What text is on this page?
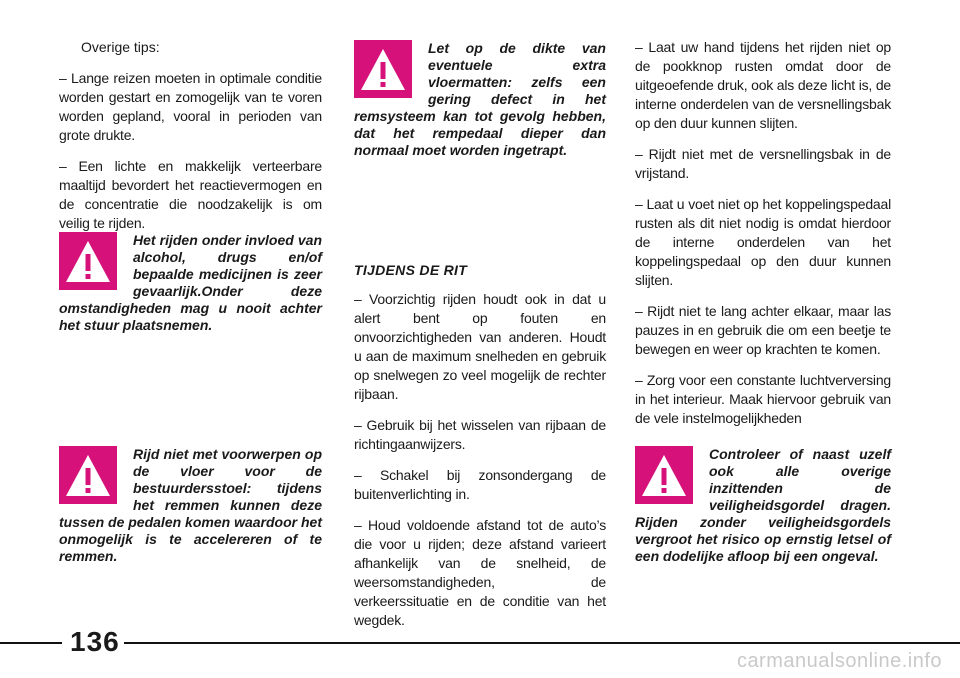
Overige tips:

– Lange reizen moeten in optimale conditie worden gestart en zomogelijk van te voren worden gepland, vooral in perioden van grote drukte.

– Een lichte en makkelijk verteerbare maaltijd bevordert het reactievermogen en de concentratie die noodzakelijk is om veilig te rijden.

Het rijden onder invloed van alcohol, drugs en/of bepaalde medicijnen is zeer gevaarlijk.Onder deze omstandigheden mag u nooit achter het stuur plaatsnemen.

Rijd niet met voorwerpen op de vloer voor de bestuurdersstoel: tijdens het remmen kunnen deze tussen de pedalen komen waardoor het onmogelijk is te accelereren of te remmen.

Let op de dikte van eventuele extra vloermatten: zelfs een gering defect in het remsysteem kan tot gevolg hebben, dat het rempedaal dieper dan normaal moet worden ingetrapt.

TIJDENS DE RIT

– Voorzichtig rijden houdt ook in dat u alert bent op fouten en onvoorzichtigheden van anderen. Houdt u aan de maximum snelheden en gebruik op snelwegen zo veel mogelijk de rechter rijbaan.

– Gebruik bij het wisselen van rijbaan de richtingaanwijzers.

– Schakel bij zonsondergang de buitenverlichting in.

– Houd voldoende afstand tot de auto’s die voor u rijden; deze afstand varieert afhankelijk van de snelheid, de weersomstandigheden, de verkeerssituatie en de conditie van het wegdek.

– Laat uw hand tijdens het rijden niet op de pookknop rusten omdat door de uitgeoefende druk, ook als deze licht is, de interne onderdelen van de versnellingsbak op den duur kunnen slijten.

– Rijdt niet met de versnellingsbak in de vrijstand.

– Laat u voet niet op het koppelingspedaal rusten als dit niet nodig is omdat hierdoor de interne onderdelen van het koppelingspedaal op den duur kunnen slijten.

– Rijdt niet te lang achter elkaar, maar las pauzes in en gebruik die om een beetje te bewegen en weer op krachten te komen.

– Zorg voor een constante luchtverversing in het interieur. Maak hiervoor gebruik van de vele instelmogelijkheden

Controleer of naast uzelf ook alle overige inzittenden de veiligheidsgordel dragen. Rijden zonder veiligheidsgordels vergroot het risico op ernstig letsel of een dodelijke afloop bij een ongeval.

136
carmanualsonline.info
